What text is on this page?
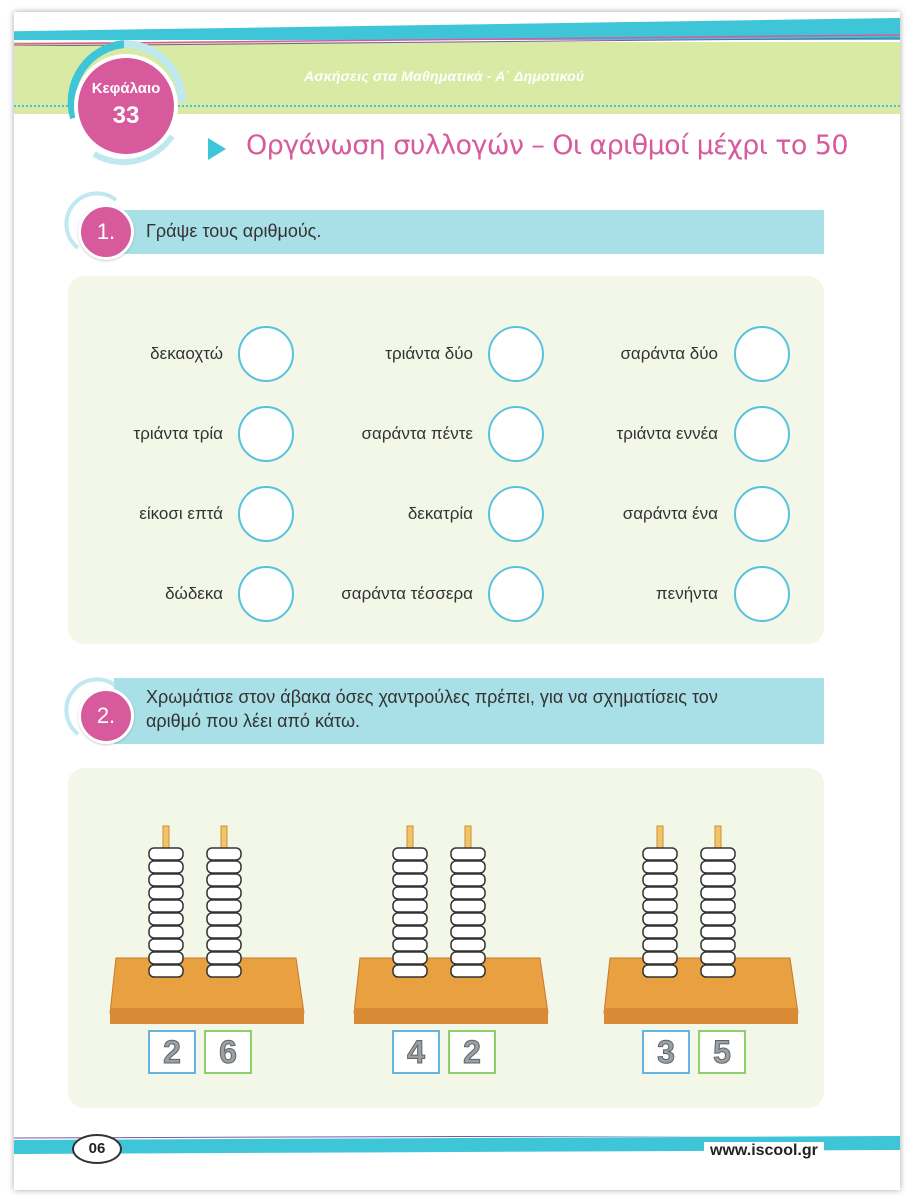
Ασκήσεις στα Μαθηματικά - Α΄ Δημοτικού
Κεφάλαιο
33
Οργάνωση συλλογών – Οι αριθμοί μέχρι το 50
Γράψε τους αριθμούς.
1.
δεκαοχτώ	τριάντα δύο	σαράντα δύο
τριάντα τρία	σαράντα πέντε	τριάντα εννέα
είκοσι επτά	δεκατρία	σαράντα ένα
δώδεκα	σαράντα τέσσερα	πενήντα
Χρωμάτισε στον άβακα όσες χαντρούλες πρέπει, για να σχηματίσεις τον
αριθμό που λέει από κάτω.
2.
2	6	4	2	3	5
06	www.iscool.gr
